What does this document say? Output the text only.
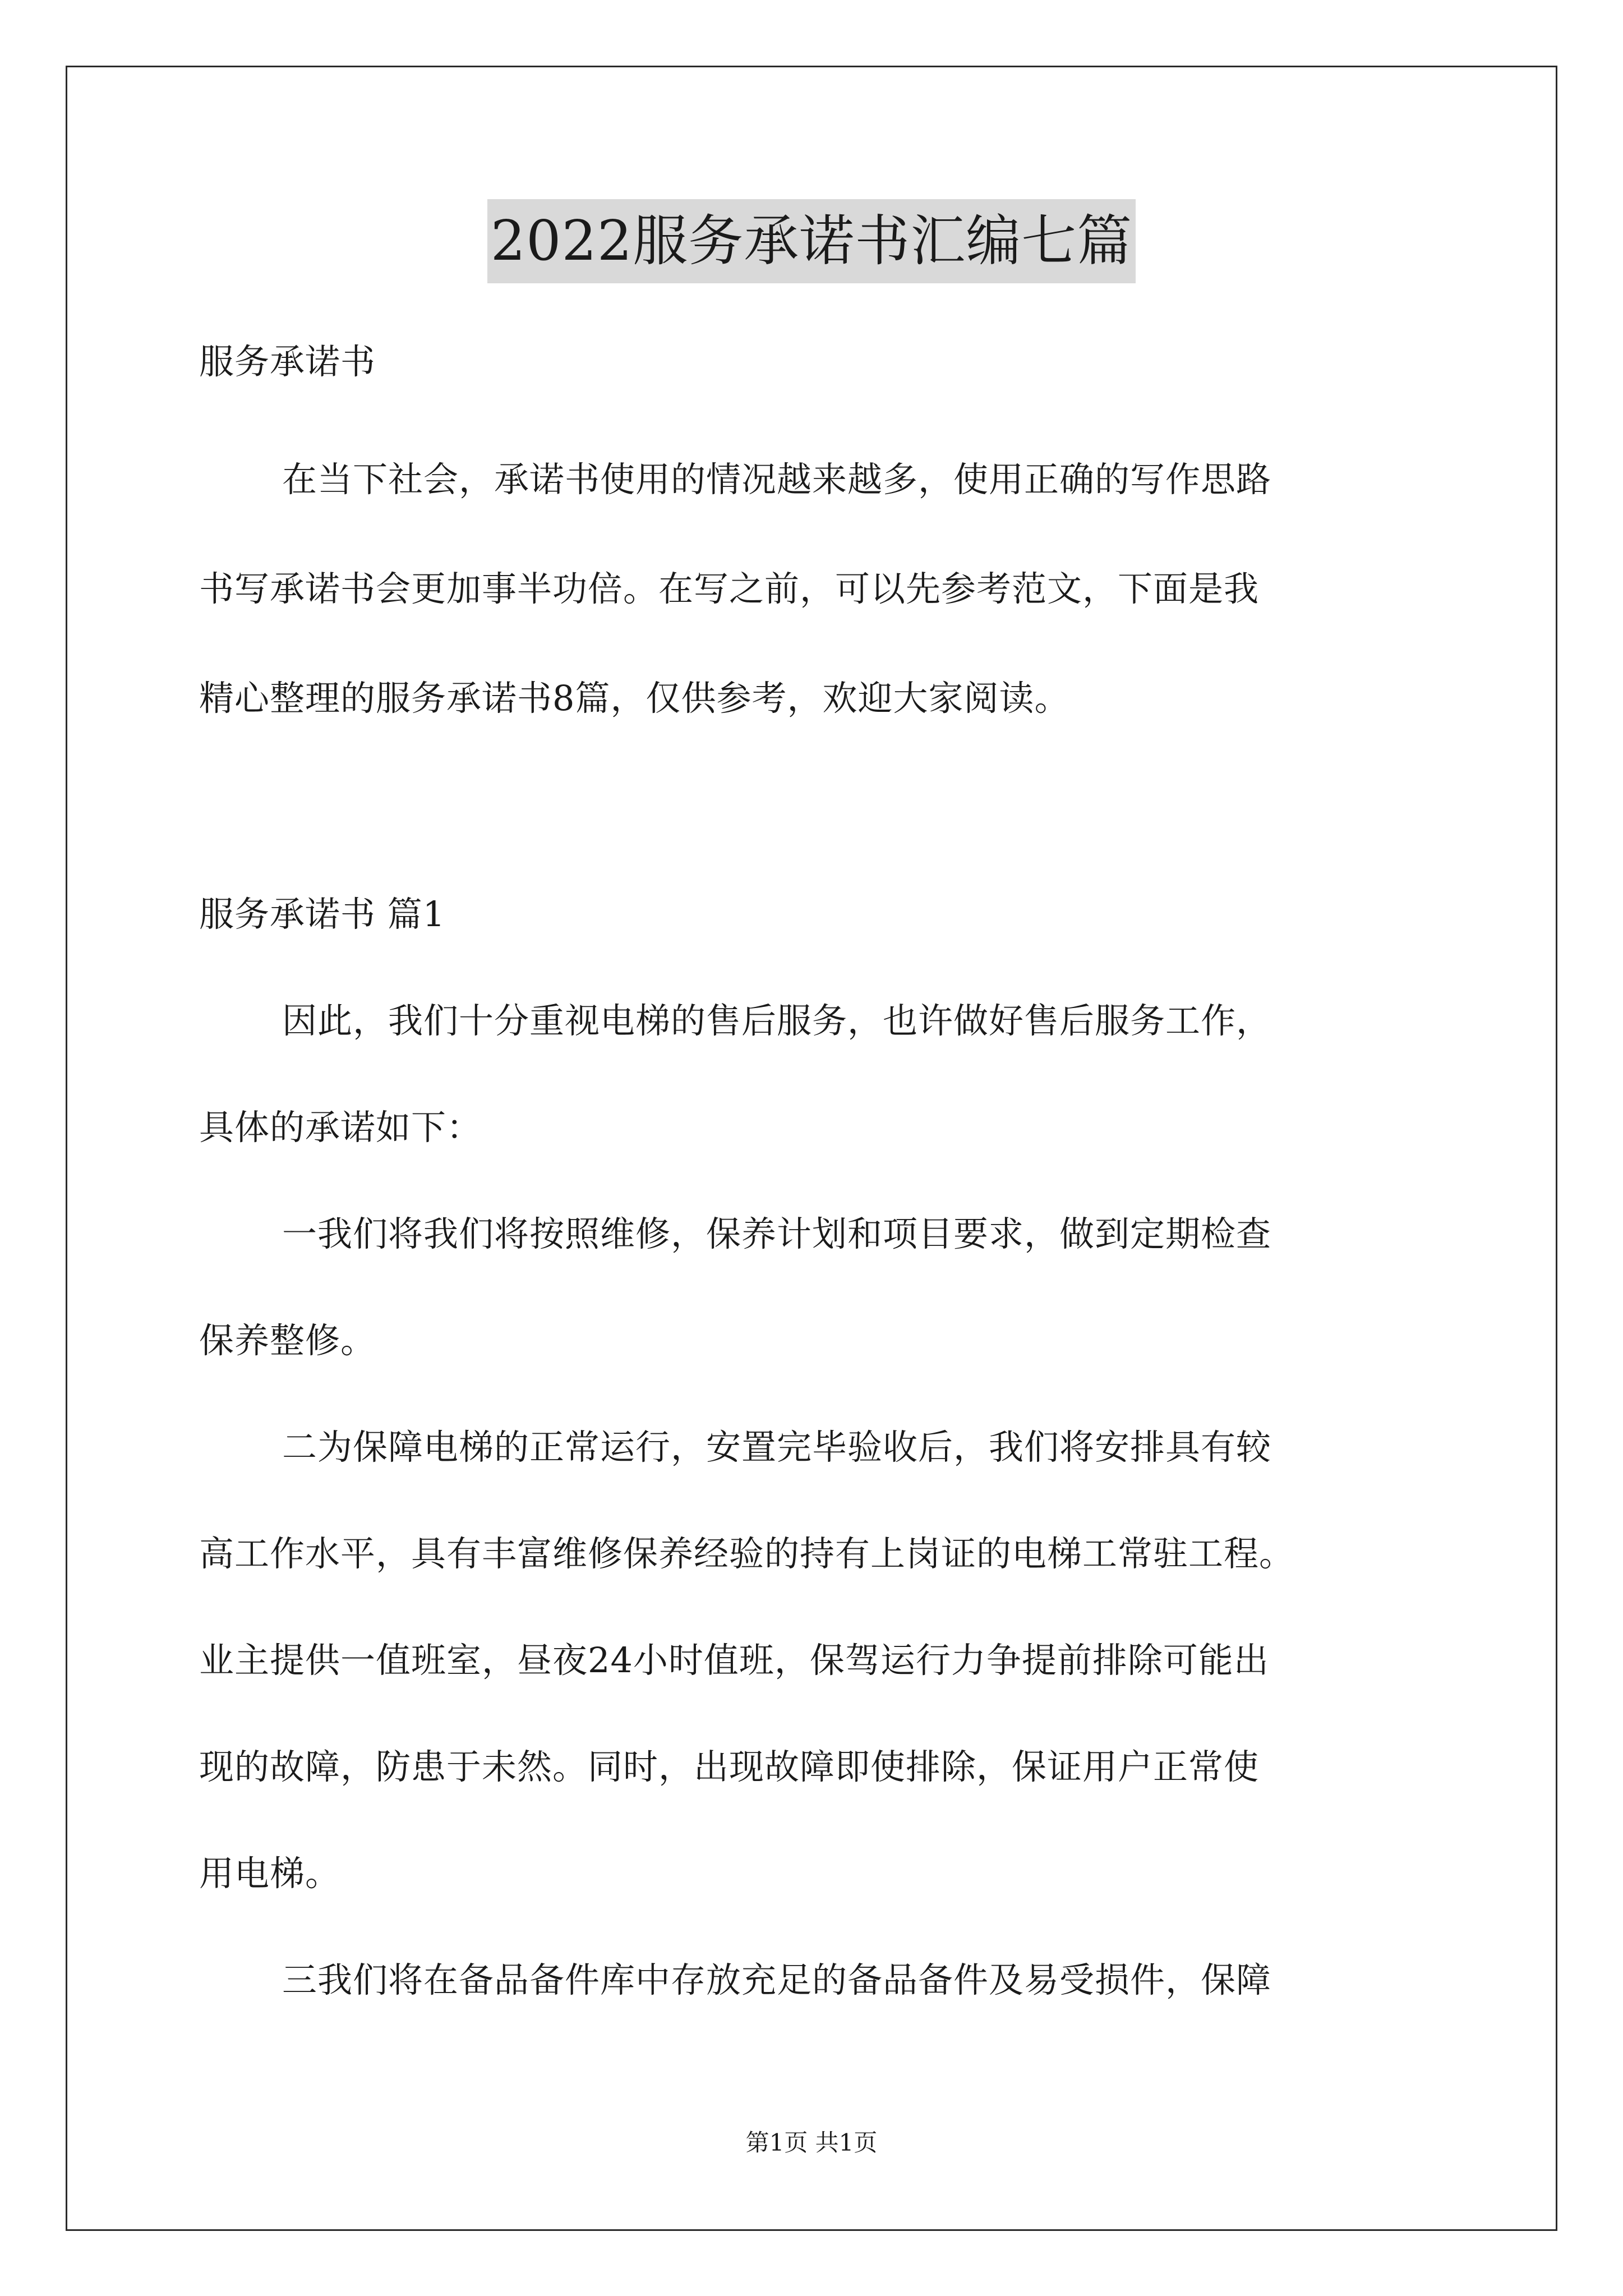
2022服务承诺书汇编七篇
服务承诺书
在当下社会，承诺书使用的情况越来越多，使用正确的写作思路
书写承诺书会更加事半功倍。在写之前，可以先参考范文，下面是我
精心整理的服务承诺书8篇，仅供参考，欢迎大家阅读。
服务承诺书 篇1
因此，我们十分重视电梯的售后服务，也许做好售后服务工作，
具体的承诺如下：
一我们将我们将按照维修，保养计划和项目要求，做到定期检查
保养整修。
二为保障电梯的正常运行，安置完毕验收后，我们将安排具有较
高工作水平，具有丰富维修保养经验的持有上岗证的电梯工常驻工程。
业主提供一值班室，昼夜24小时值班，保驾运行力争提前排除可能出
现的故障，防患于未然。同时，出现故障即使排除，保证用户正常使
用电梯。
三我们将在备品备件库中存放充足的备品备件及易受损件，保障
第1页 共1页
